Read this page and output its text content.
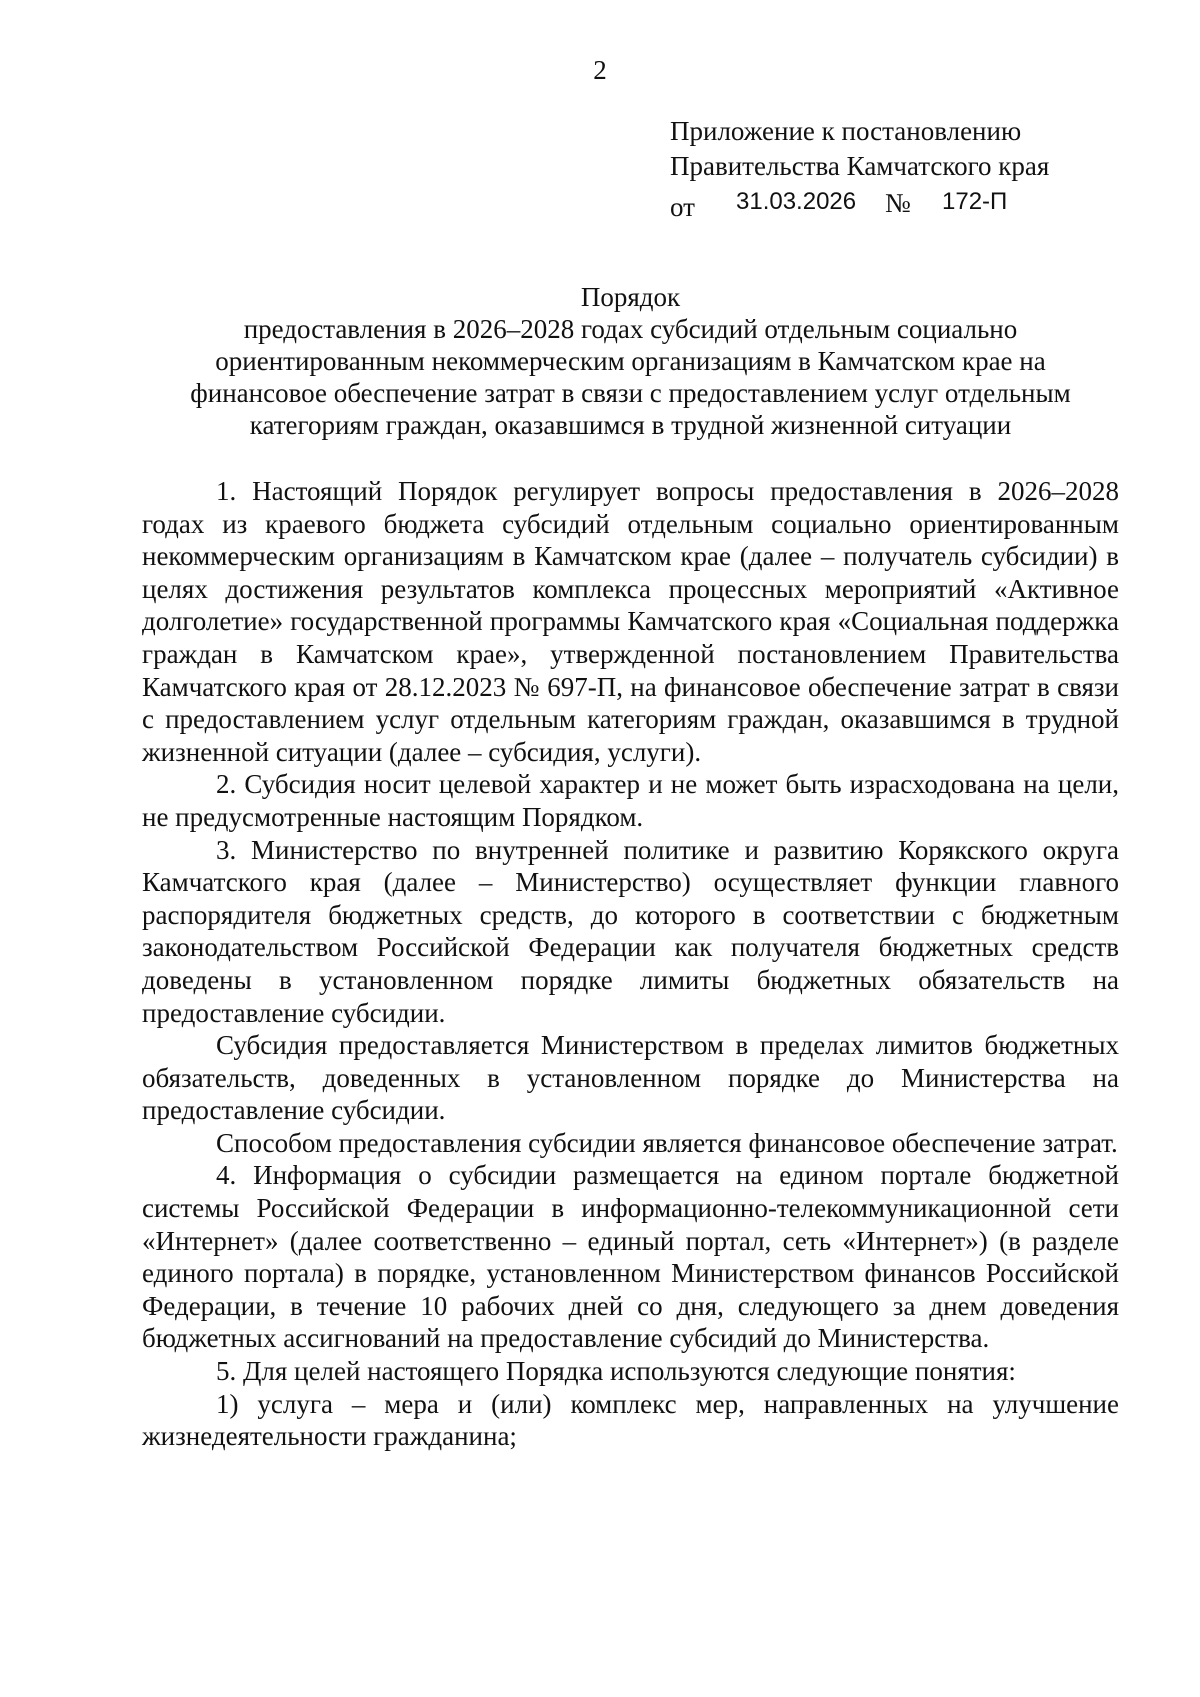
2
Приложение к постановлению
Правительства Камчатского края
от 31.03.2026 № 172-П
Порядок
предоставления в 2026–2028 годах субсидий отдельным социально
ориентированным некоммерческим организациям в Камчатском крае на
финансовое обеспечение затрат в связи с предоставлением услуг отдельным
категориям граждан, оказавшимся в трудной жизненной ситуации

1. Настоящий Порядок регулирует вопросы предоставления в 2026–2028 годах из краевого бюджета субсидий отдельным социально ориентированным некоммерческим организациям в Камчатском крае (далее – получатель субсидии) в целях достижения результатов комплекса процессных мероприятий «Активное долголетие» государственной программы Камчатского края «Социальная поддержка граждан в Камчатском крае», утвержденной постановлением Правительства Камчатского края от 28.12.2023 № 697-П, на финансовое обеспечение затрат в связи с предоставлением услуг отдельным категориям граждан, оказавшимся в трудной жизненной ситуации (далее – субсидия, услуги).

2. Субсидия носит целевой характер и не может быть израсходована на цели, не предусмотренные настоящим Порядком.

3. Министерство по внутренней политике и развитию Корякского округа Камчатского края (далее – Министерство) осуществляет функции главного распорядителя бюджетных средств, до которого в соответствии с бюджетным законодательством Российской Федерации как получателя бюджетных средств доведены в установленном порядке лимиты бюджетных обязательств на предоставление субсидии.

Субсидия предоставляется Министерством в пределах лимитов бюджетных обязательств, доведенных в установленном порядке до Министерства на предоставление субсидии.

Способом предоставления субсидии является финансовое обеспечение затрат.

4. Информация о субсидии размещается на едином портале бюджетной системы Российской Федерации в информационно-телекоммуникационной сети «Интернет» (далее соответственно – единый портал, сеть «Интернет») (в разделе единого портала) в порядке, установленном Министерством финансов Российской Федерации, в течение 10 рабочих дней со дня, следующего за днем доведения бюджетных ассигнований на предоставление субсидий до Министерства.

5. Для целей настоящего Порядка используются следующие понятия:

1) услуга – мера и (или) комплекс мер, направленных на улучшение жизнедеятельности гражданина;
